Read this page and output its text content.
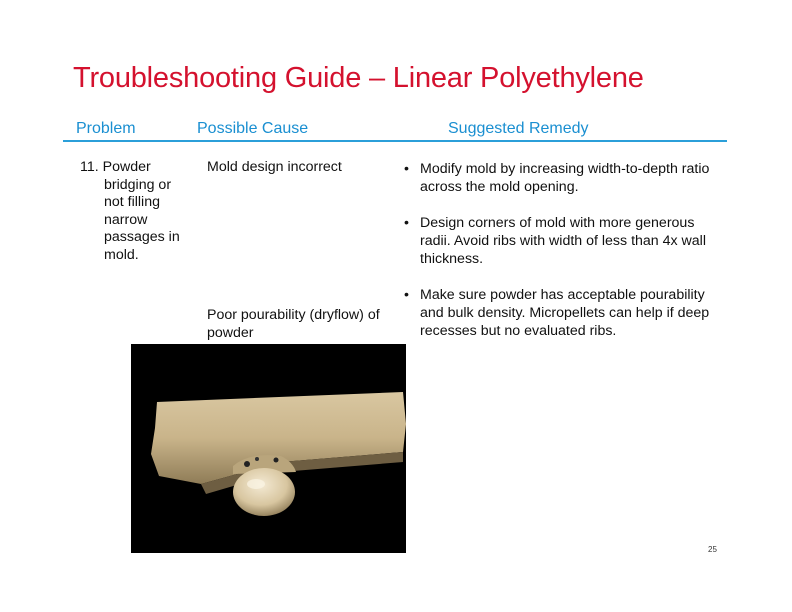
Troubleshooting Guide – Linear Polyethylene
Problem	Possible Cause	Suggested Remedy
11. Powder
bridging or
not filling
narrow
passages in
mold.
Mold design incorrect
Poor pourability (dryflow) of powder
• Modify mold by increasing width-to-depth ratio across the mold opening.
• Design corners of mold with more generous radii. Avoid ribs with width of less than 4x wall thickness.
• Make sure powder has acceptable pourability and bulk density. Micropellets can help if deep recesses but no evaluated ribs.
25
